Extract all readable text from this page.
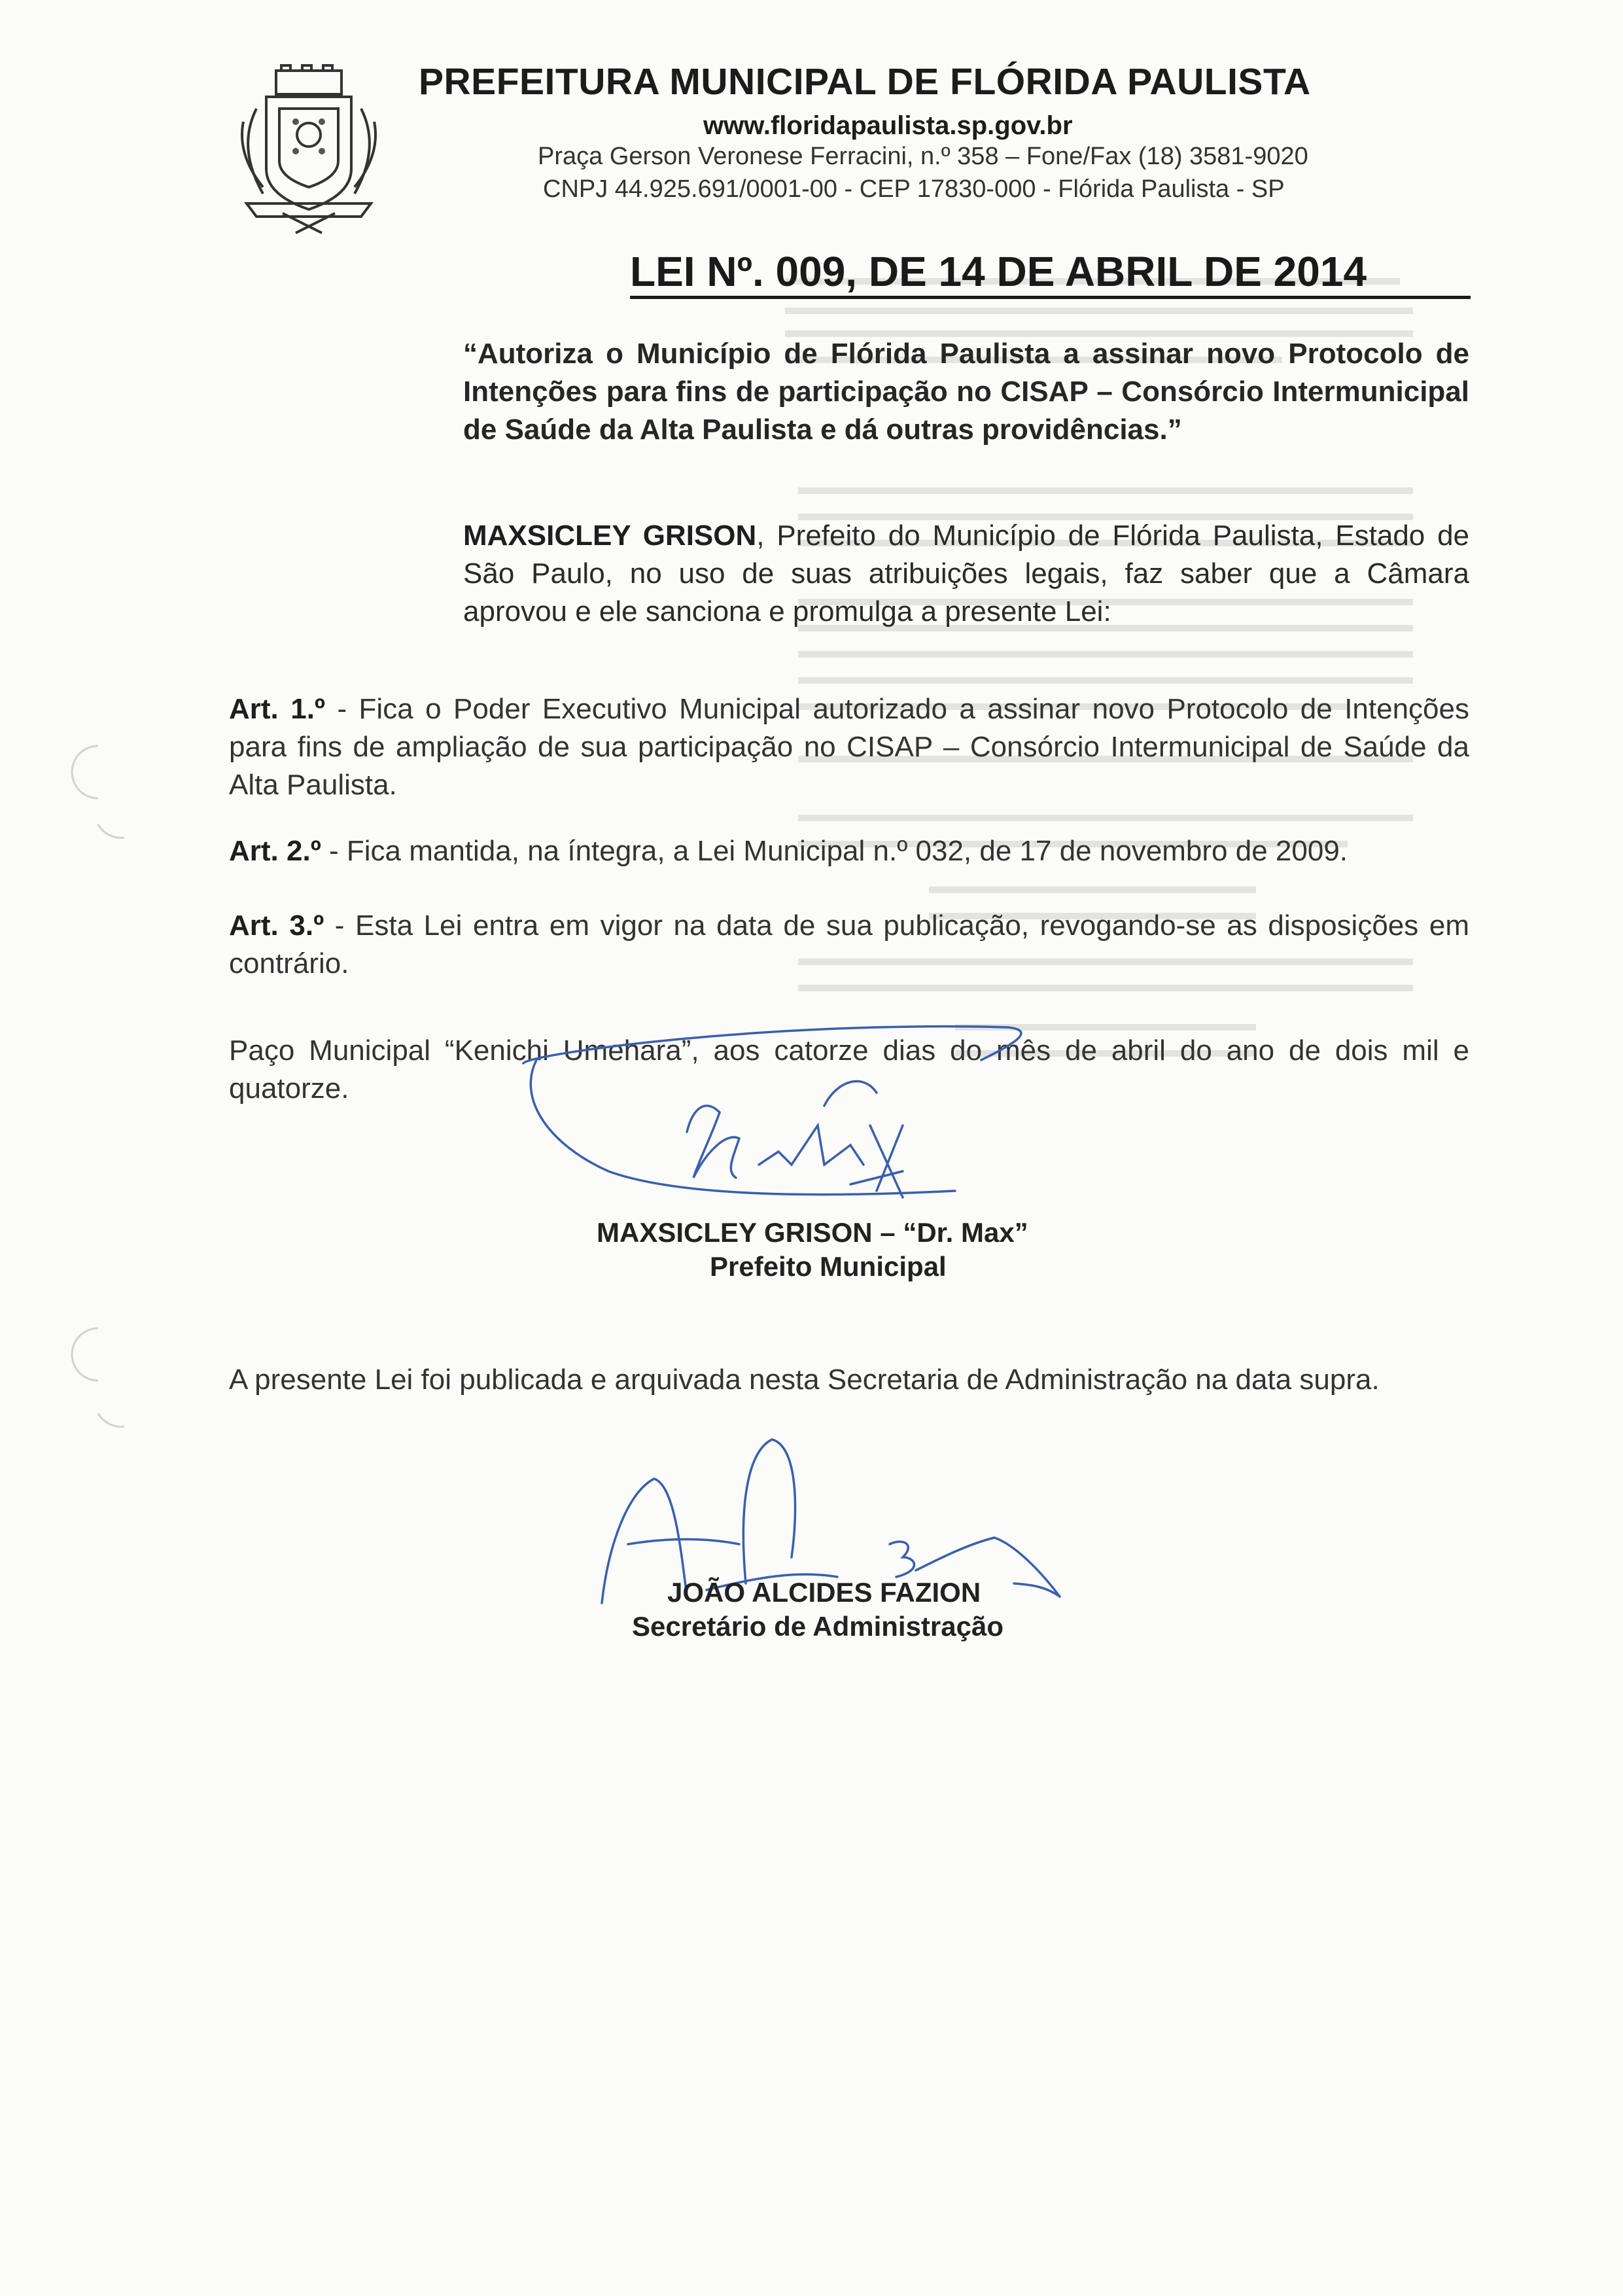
PREFEITURA MUNICIPAL DE FLÓRIDA PAULISTA
www.floridapaulista.sp.gov.br
Praça Gerson Veronese Ferracini, n.º 358 – Fone/Fax (18) 3581-9020
CNPJ 44.925.691/0001-00 - CEP 17830-000 - Flórida Paulista - SP
LEI Nº. 009, DE 14 DE ABRIL DE 2014
“Autoriza o Município de Flórida Paulista a assinar novo Protocolo de Intenções para fins de participação no CISAP – Consórcio Intermunicipal de Saúde da Alta Paulista e dá outras providências.”
MAXSICLEY GRISON, Prefeito do Município de Flórida Paulista, Estado de São Paulo, no uso de suas atribuições legais, faz saber que a Câmara aprovou e ele sanciona e promulga a presente Lei:
Art. 1.º - Fica o Poder Executivo Municipal autorizado a assinar novo Protocolo de Intenções para fins de ampliação de sua participação no CISAP – Consórcio Intermunicipal de Saúde da Alta Paulista.
Art. 2.º - Fica mantida, na íntegra, a Lei Municipal n.º 032, de 17 de novembro de 2009.
Art. 3.º - Esta Lei entra em vigor na data de sua publicação, revogando-se as disposições em contrário.
Paço Municipal “Kenichi Umehara”, aos catorze dias do mês de abril do ano de dois mil e quatorze.
MAXSICLEY GRISON – “Dr. Max”
Prefeito Municipal
A presente Lei foi publicada e arquivada nesta Secretaria de Administração na data supra.
JOÃO ALCIDES FAZION
Secretário de Administração
